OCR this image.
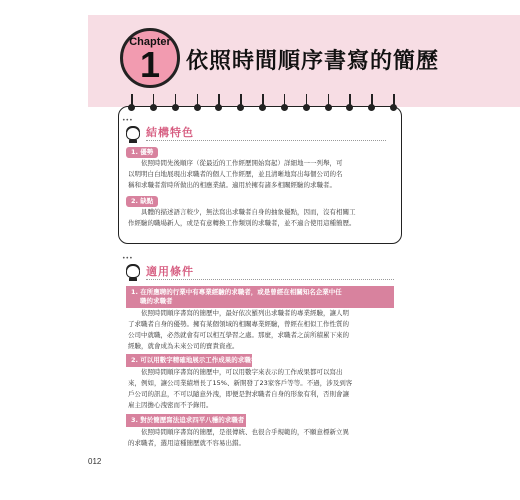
Chapter
1	依照時間順序書寫的簡歷
•••
結構特色
1. 優勢
依照時間先後順序（從最近的工作經歷開始寫起）詳細地一一列舉，可
以明明白白地展現出求職者的個人工作經歷，並且清晰地寫出每個公司的名
稱和求職者當時所做出的相應業績。適用於擁有諸多相關經驗的求職者。
2. 缺點
具體的描述語言較少，無法寫出求職者自身的抽象優點，因而，沒有相關工
作經驗的職場新人，或是有意轉換工作類別的求職者，並不適合使用這種簡歷。
•••
適用條件
1. 在所應聘的行業中有專業經驗的求職者，或是曾經在相關知名企業中任
職的求職者
依照時間順序書寫的簡歷中，最好依次羅列出求職者的專業經驗，讓人明
了求職者自身的優勢。擁有某個領域的相關專業經驗，曾經在相似工作性質的
公司中就職，必然就會有可以相互學習之處。那麼，求職者之前所積累下來的
經驗，就會成為未來公司的寶貴資產。
2. 可以用數字精確地展示工作成果的求職者
依照時間順序書寫的簡歷中，可以用數字來表示的工作成果都可以寫出
來，例如，讓公司業績增長了15%、新開發了23家客戶等等。不過，涉及到客
戶公司的訊息，不可以隨意外洩，即便是對求職者自身的形象有利，否則會讓
雇主因擔心洩密而不予錄用。
3. 對於簡歷寫法追求四平八穩的求職者
依照時間順序書寫的簡歷，是很傳統、也很合乎規範的，不願意標新立異
的求職者，選用這種簡歷就不容易出錯。
012
